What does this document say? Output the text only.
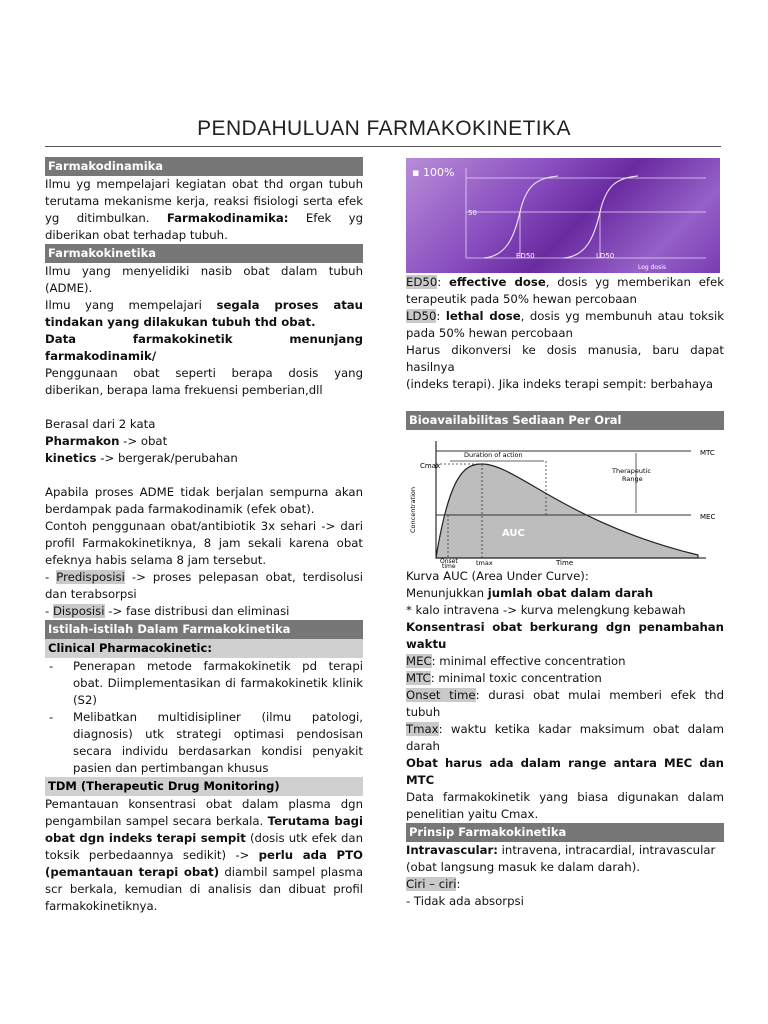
PENDAHULUAN FARMAKOKINETIKA
Farmakodinamika

Ilmu yg mempelajari kegiatan obat thd organ tubuh terutama mekanisme kerja, reaksi fisiologi serta efek yg ditimbulkan. Farmakodinamika: Efek yg diberikan obat terhadap tubuh.

Farmakokinetika

Ilmu yang menyelidiki nasib obat dalam tubuh (ADME).

Ilmu yang mempelajari segala proses atau tindakan yang dilakukan tubuh thd obat.

Data farmakokinetik menunjang farmakodinamik/

Penggunaan obat seperti berapa dosis yang diberikan, berapa lama frekuensi pemberian,dll

Berasal dari 2 kata

Pharmakon -> obat

kinetics -> bergerak/perubahan

Apabila proses ADME tidak berjalan sempurna akan berdampak pada farmakodinamik (efek obat).

Contoh penggunaan obat/antibiotik 3x sehari -> dari profil Farmakokinetiknya, 8 jam sekali karena obat efeknya habis selama 8 jam tersebut.

- Predisposisi -> proses pelepasan obat, terdisolusi dan terabsorpsi

- Disposisi -> fase distribusi dan eliminasi

Istilah-istilah Dalam Farmakokinetika
Clinical Pharmacokinetic:
- Penerapan metode farmakokinetik pd terapi obat. Diimplementasikan di farmakokinetik klinik (S2)
- Melibatkan multidisipliner (ilmu patologi, diagnosis) utk strategi optimasi pendosisan secara individu berdasarkan kondisi penyakit pasien dan pertimbangan khusus
TDM (Therapeutic Drug Monitoring)

Pemantauan konsentrasi obat dalam plasma dgn pengambilan sampel secara berkala. Terutama bagi obat dgn indeks terapi sempit (dosis utk efek dan toksik perbedaannya sedikit) -> perlu ada PTO (pemantauan terapi obat) diambil sampel plasma scr berkala, kemudian di analisis dan dibuat profil farmakokinetiknya.

▪ 100%
50
ED50	LD50
Log dosis

ED50: effective dose, dosis yg memberikan efek terapeutik pada 50% hewan percobaan

LD50: lethal dose, dosis yg membunuh atau toksik pada 50% hewan percobaan

Harus dikonversi ke dosis manusia, baru dapat hasilnya

(indeks terapi). Jika indeks terapi sempit: berbahaya

Bioavailabilitas Sediaan Per Oral
MTC
MEC
Cmax
Duration of action
Therapeutic
Range
Concentration
AUC
Onset
time	tmax	Time

Kurva AUC (Area Under Curve):

Menunjukkan jumlah obat dalam darah

* kalo intravena -> kurva melengkung kebawah

Konsentrasi obat berkurang dgn penambahan waktu

MEC: minimal effective concentration

MTC: minimal toxic concentration

Onset time: durasi obat mulai memberi efek thd tubuh

Tmax: waktu ketika kadar maksimum obat dalam darah

Obat harus ada dalam range antara MEC dan MTC

Data farmakokinetik yang biasa digunakan dalam penelitian yaitu Cmax.

Prinsip Farmakokinetika

Intravascular: intravena, intracardial, intravascular (obat langsung masuk ke dalam darah).

Ciri – ciri:

- Tidak ada absorpsi
